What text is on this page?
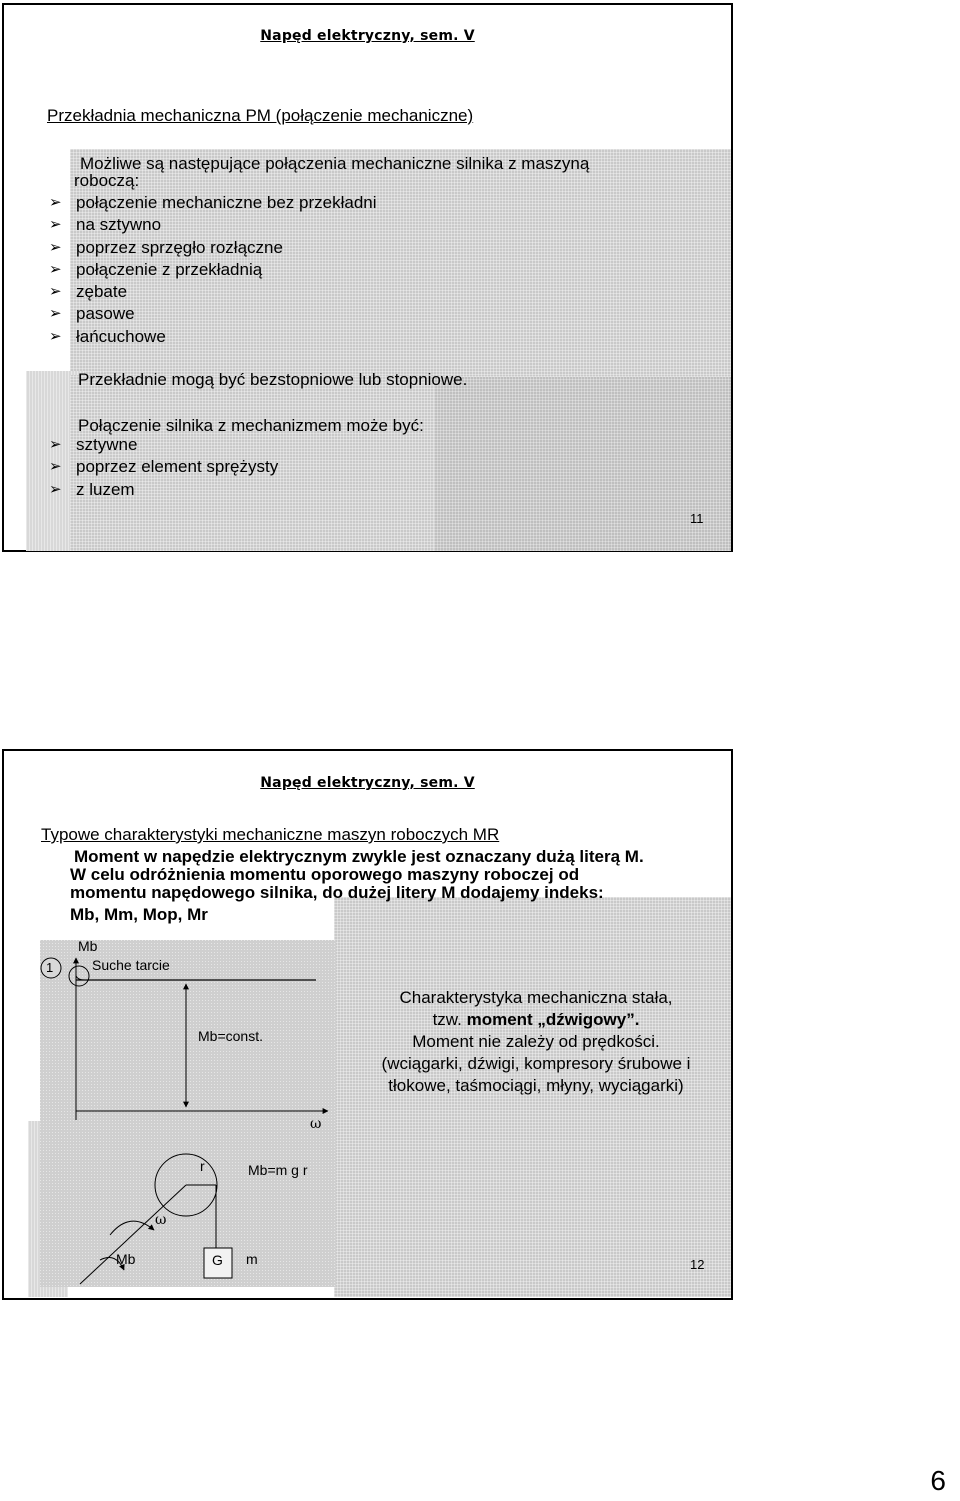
Napęd elektryczny, sem. V
Przekładnia mechaniczna PM (połączenie mechaniczne)
Możliwe są następujące połączenia mechaniczne silnika z maszyną
roboczą:
➢ połączenie mechaniczne bez przekładni
➢ na sztywno
➢ poprzez sprzęgło rozłączne
➢ połączenie z przekładnią
➢ zębate
➢ pasowe
➢ łańcuchowe
Przekładnie mogą być bezstopniowe lub stopniowe.
Połączenie silnika z mechanizmem może być:
➢ sztywne
➢ poprzez element sprężysty
➢ z luzem
11
Napęd elektryczny, sem. V
Typowe charakterystyki mechaniczne maszyn roboczych MR
Moment w napędzie elektrycznym zwykle jest oznaczany dużą literą M.
W celu odróżnienia momentu oporowego maszyny roboczej od
momentu napędowego silnika, do dużej litery M dodajemy indeks:
Mb, Mm, Mop, Mr
1
Mb
Suche tarcie
Mb=const.
ω
r	Mb=m g r
ω
Mb	G m
Charakterystyka mechaniczna stała,
tzw. moment „dźwigowy”.
Moment nie zależy od prędkości.
(wciągarki, dźwigi, kompresory śrubowe i
tłokowe, taśmociągi, młyny, wyciągarki)
12
6
